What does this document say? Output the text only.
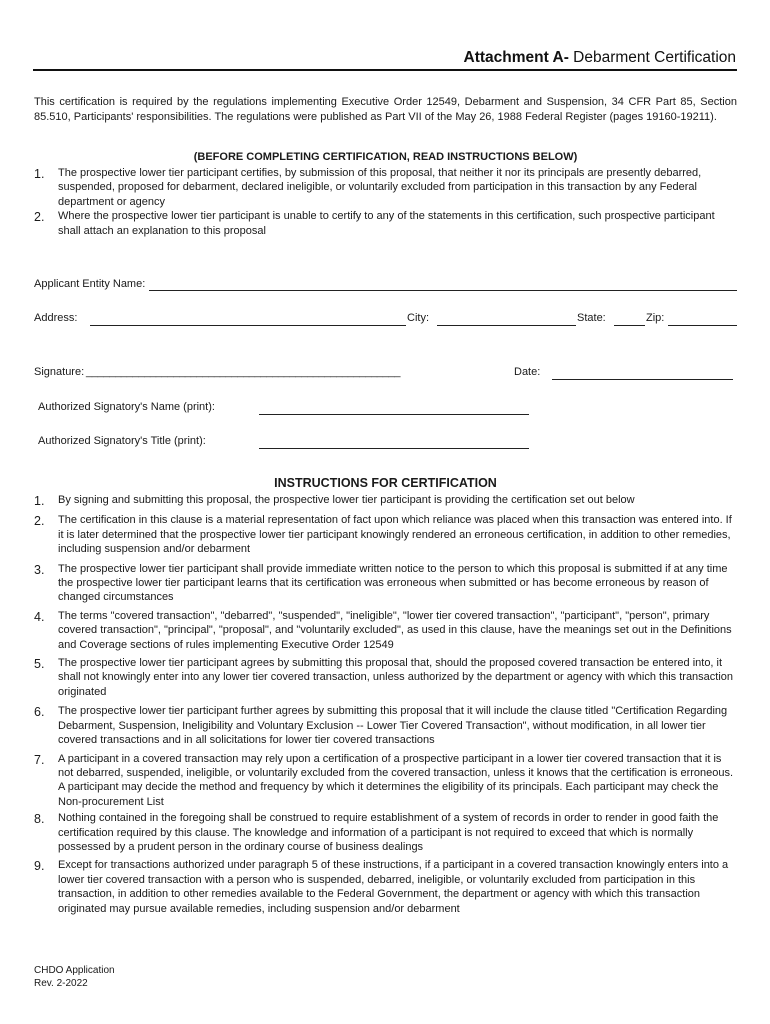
Attachment A- Debarment Certification
This certification is required by the regulations implementing Executive Order 12549, Debarment and Suspension, 34 CFR Part 85, Section 85.510, Participants' responsibilities. The regulations were published as Part VII of the May 26, 1988 Federal Register (pages 19160-19211).
(BEFORE COMPLETING CERTIFICATION, READ INSTRUCTIONS BELOW)
1. The prospective lower tier participant certifies, by submission of this proposal, that neither it nor its principals are presently debarred, suspended, proposed for debarment, declared ineligible, or voluntarily excluded from participation in this transaction by any Federal department or agency
2. Where the prospective lower tier participant is unable to certify to any of the statements in this certification, such prospective participant shall attach an explanation to this proposal
Applicant Entity Name:
Address:	City:	State:	Zip:
Signature: ______________________________________________________	Date:
Authorized Signatory's Name (print):
Authorized Signatory's Title (print):
INSTRUCTIONS FOR CERTIFICATION
1. By signing and submitting this proposal, the prospective lower tier participant is providing the certification set out below
2. The certification in this clause is a material representation of fact upon which reliance was placed when this transaction was entered into. If it is later determined that the prospective lower tier participant knowingly rendered an erroneous certification, in addition to other remedies, including suspension and/or debarment
3. The prospective lower tier participant shall provide immediate written notice to the person to which this proposal is submitted if at any time the prospective lower tier participant learns that its certification was erroneous when submitted or has become erroneous by reason of changed circumstances
4. The terms "covered transaction", "debarred", "suspended", "ineligible", "lower tier covered transaction", "participant", "person", primary covered transaction", "principal", "proposal", and "voluntarily excluded", as used in this clause, have the meanings set out in the Definitions and Coverage sections of rules implementing Executive Order 12549
5. The prospective lower tier participant agrees by submitting this proposal that, should the proposed covered transaction be entered into, it shall not knowingly enter into any lower tier covered transaction, unless authorized by the department or agency with which this transaction originated
6. The prospective lower tier participant further agrees by submitting this proposal that it will include the clause titled "Certification Regarding Debarment, Suspension, Ineligibility and Voluntary Exclusion -- Lower Tier Covered Transaction", without modification, in all lower tier covered transactions and in all solicitations for lower tier covered transactions
7. A participant in a covered transaction may rely upon a certification of a prospective participant in a lower tier covered transaction that it is not debarred, suspended, ineligible, or voluntarily excluded from the covered transaction, unless it knows that the certification is erroneous. A participant may decide the method and frequency by which it determines the eligibility of its principals. Each participant may check the Non-procurement List
8. Nothing contained in the foregoing shall be construed to require establishment of a system of records in order to render in good faith the certification required by this clause. The knowledge and information of a participant is not required to exceed that which is normally possessed by a prudent person in the ordinary course of business dealings
9. Except for transactions authorized under paragraph 5 of these instructions, if a participant in a covered transaction knowingly enters into a lower tier covered transaction with a person who is suspended, debarred, ineligible, or voluntarily excluded from participation in this transaction, in addition to other remedies available to the Federal Government, the department or agency with which this transaction originated may pursue available remedies, including suspension and/or debarment
CHDO Application
Rev. 2-2022
